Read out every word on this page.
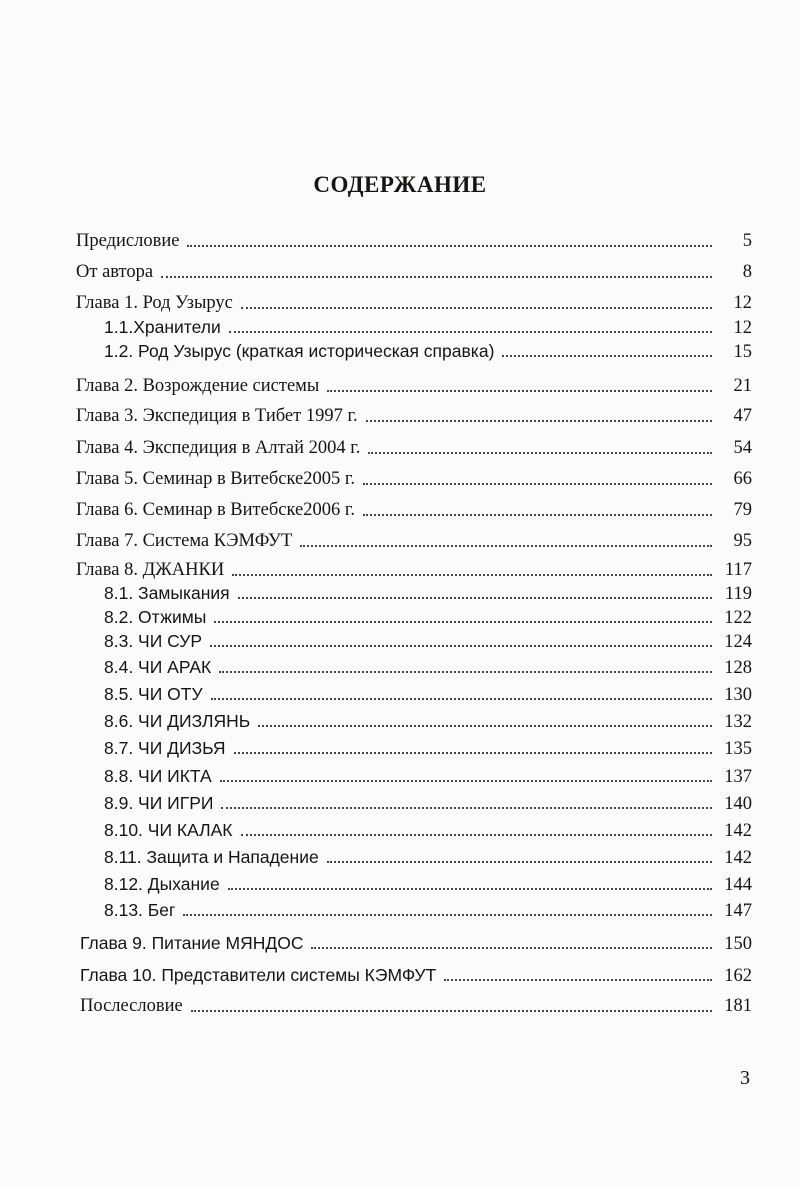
СОДЕРЖАНИЕ
Предисловие	5
От автора	8
Глава 1. Род Узырус	12
1.1.Хранители	12
1.2. Род Узырус (краткая историческая справка)	15
Глава 2. Возрождение системы	21
Глава 3. Экспедиция в Тибет 1997 г.	47
Глава 4. Экспедиция в Алтай 2004 г.	54
Глава 5. Семинар в Витебске2005 г.	66
Глава 6. Семинар в Витебске2006 г.	79
Глава 7. Система КЭМФУТ	95
Глава 8. ДЖАНКИ	117
8.1. Замыкания	119
8.2. Отжимы	122
8.3. ЧИ СУР	124
8.4. ЧИ АРАК	128
8.5. ЧИ ОТУ	130
8.6. ЧИ ДИЗЛЯНЬ	132
8.7. ЧИ ДИЗЬЯ	135
8.8. ЧИ ИКТА	137
8.9. ЧИ ИГРИ	140
8.10. ЧИ КАЛАК	142
8.11. Защита и Нападение	142
8.12. Дыхание	144
8.13. Бег	147
Глава 9. Питание МЯНДОС	150
Глава 10. Представители системы КЭМФУТ	162
Послесловие	181
3
